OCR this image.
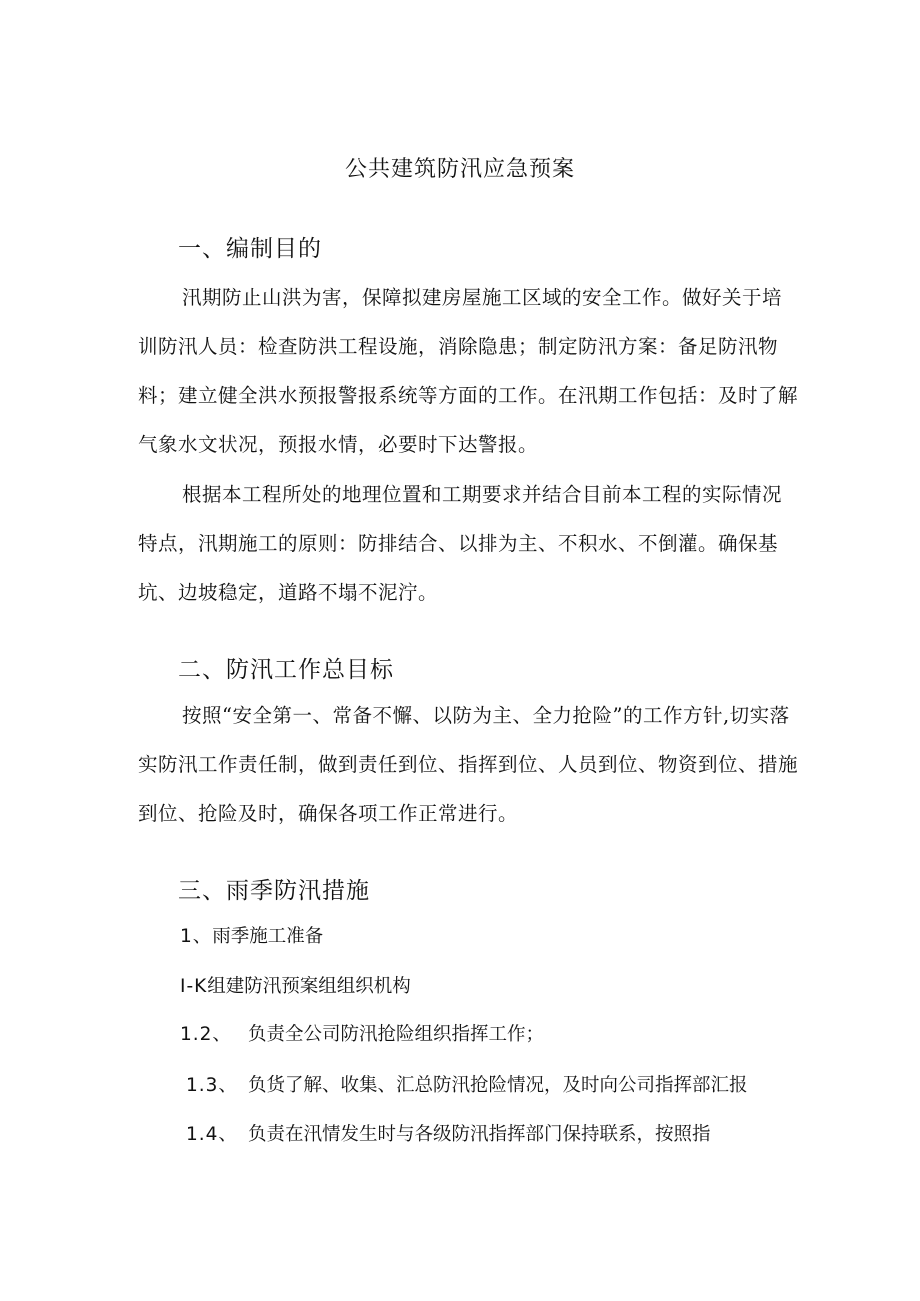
公共建筑防汛应急预案
一、编制目的

汛期防止山洪为害，保障拟建房屋施工区域的安全工作。做好关于培训防汛人员：检查防洪工程设施，消除隐患；制定防汛方案：备足防汛物料；建立健全洪水预报警报系统等方面的工作。在汛期工作包括：及时了解气象水文状况，预报水情，必要时下达警报。

根据本工程所处的地理位置和工期要求并结合目前本工程的实际情况特点，汛期施工的原则：防排结合、以排为主、不积水、不倒灌。确保基坑、边坡稳定，道路不塌不泥泞。

二、防汛工作总目标

按照“安全第一、常备不懈、以防为主、全力抢险”的工作方针,切实落实防汛工作责任制，做到责任到位、指挥到位、人员到位、物资到位、措施到位、抢险及时，确保各项工作正常进行。

三、雨季防汛措施

1、雨季施工准备

I-K组建防汛预案组组织机构

1.2、 负责全公司防汛抢险组织指挥工作；

1.3、 负货了解、收集、汇总防汛抢险情况，及时向公司指挥部汇报

1.4、 负责在汛情发生时与各级防汛指挥部门保持联系，按照指
